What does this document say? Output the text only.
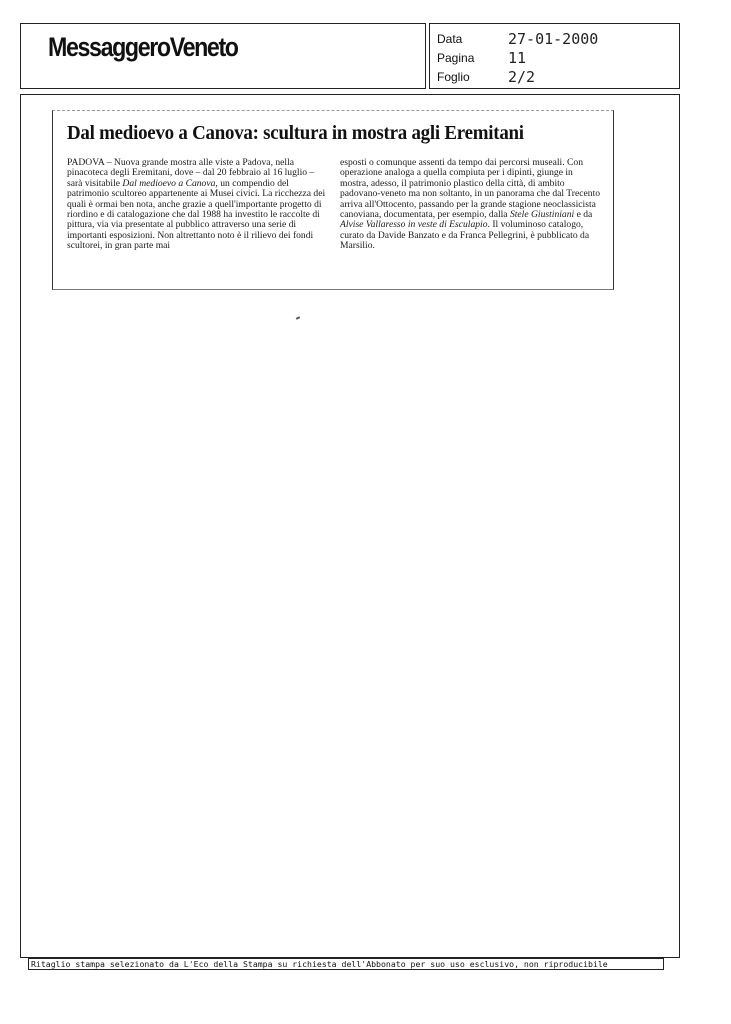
MessaggeroVeneto	Data	27-01-2000
Pagina 11
Foglio	2/2
Dal medioevo a Canova: scultura in mostra agli Eremitani

PADOVA – Nuova grande mostra alle viste a Padova, nella pinacoteca degli Eremitani, dove – dal 20 febbraio al 16 luglio – sarà visitabile Dal medioevo a Canova, un compendio del patrimonio scultoreo appartenente ai Musei civici. La ricchezza dei quali è ormai ben nota, anche grazie a quell'importante progetto di riordino e di catalogazione che dal 1988 ha investito le raccolte di pittura, via via presentate al pubblico attraverso una serie di importanti esposizioni. Non altrettanto noto è il rilievo dei fondi scultorei, in gran parte mai

esposti o comunque assenti da tempo dai percorsi museali. Con operazione analoga a quella compiuta per i dipinti, giunge in mostra, adesso, il patrimonio plastico della città, di ambito padovano-veneto ma non soltanto, in un panorama che dal Trecento arriva all'Ottocento, passando per la grande stagione neoclassicista canoviana, documentata, per esempio, dalla Stele Giustiniani e da Alvise Vallaresso in veste di Esculapio. Il voluminoso catalogo, curato da Davide Banzato e da Franca Pellegrini, è pubblicato da Marsilio.

Ritaglio stampa selezionato da L'Eco della Stampa su richiesta dell'Abbonato per suo uso esclusivo, non riproducibile
